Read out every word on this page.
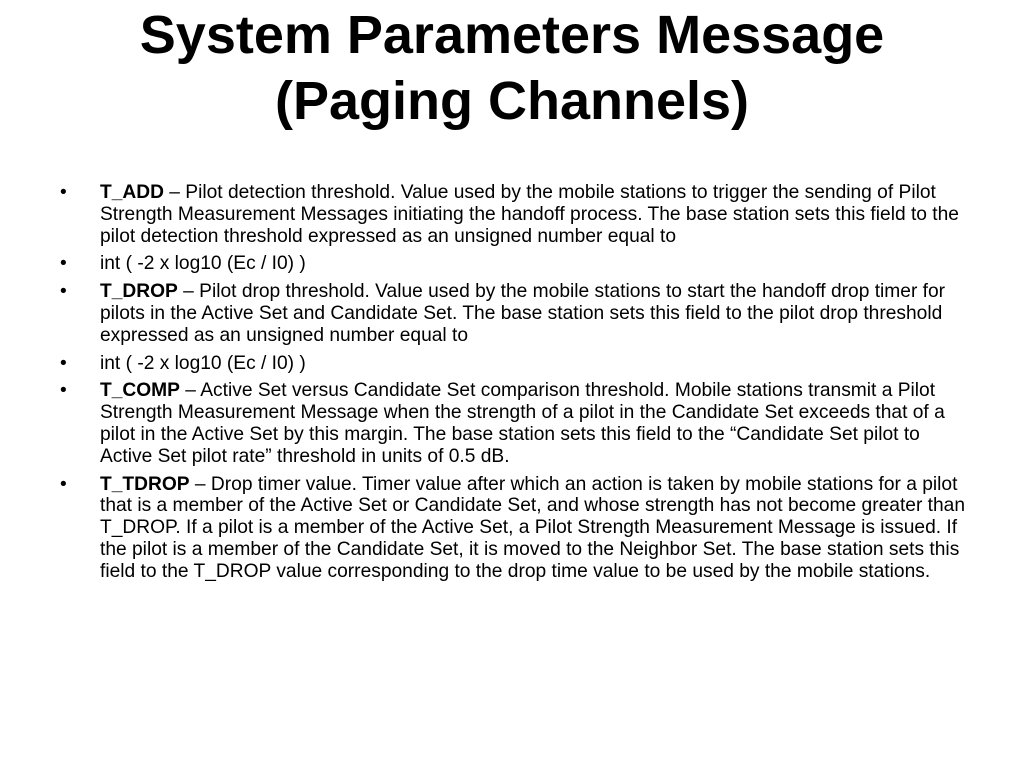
System Parameters Message
(Paging Channels)
•	T_ADD – Pilot detection threshold. Value used by the mobile stations to trigger the sending of Pilot Strength Measurement Messages initiating the handoff process. The base station sets this field to the pilot detection threshold expressed as an unsigned number equal to
•	int ( -2 x log10 (Ec / I0) )
•	T_DROP – Pilot drop threshold. Value used by the mobile stations to start the handoff drop timer for pilots in the Active Set and Candidate Set. The base station sets this field to the pilot drop threshold expressed as an unsigned number equal to
•	int ( -2 x log10 (Ec / I0) )
•	T_COMP – Active Set versus Candidate Set comparison threshold. Mobile stations transmit a Pilot Strength Measurement Message when the strength of a pilot in the Candidate Set exceeds that of a pilot in the Active Set by this margin. The base station sets this field to the “Candidate Set pilot to Active Set pilot rate” threshold in units of 0.5 dB.
•	T_TDROP – Drop timer value. Timer value after which an action is taken by mobile stations for a pilot that is a member of the Active Set or Candidate Set, and whose strength has not become greater than T_DROP. If a pilot is a member of the Active Set, a Pilot Strength Measurement Message is issued. If the pilot is a member of the Candidate Set, it is moved to the Neighbor Set. The base station sets this field to the T_DROP value corresponding to the drop time value to be used by the mobile stations.
